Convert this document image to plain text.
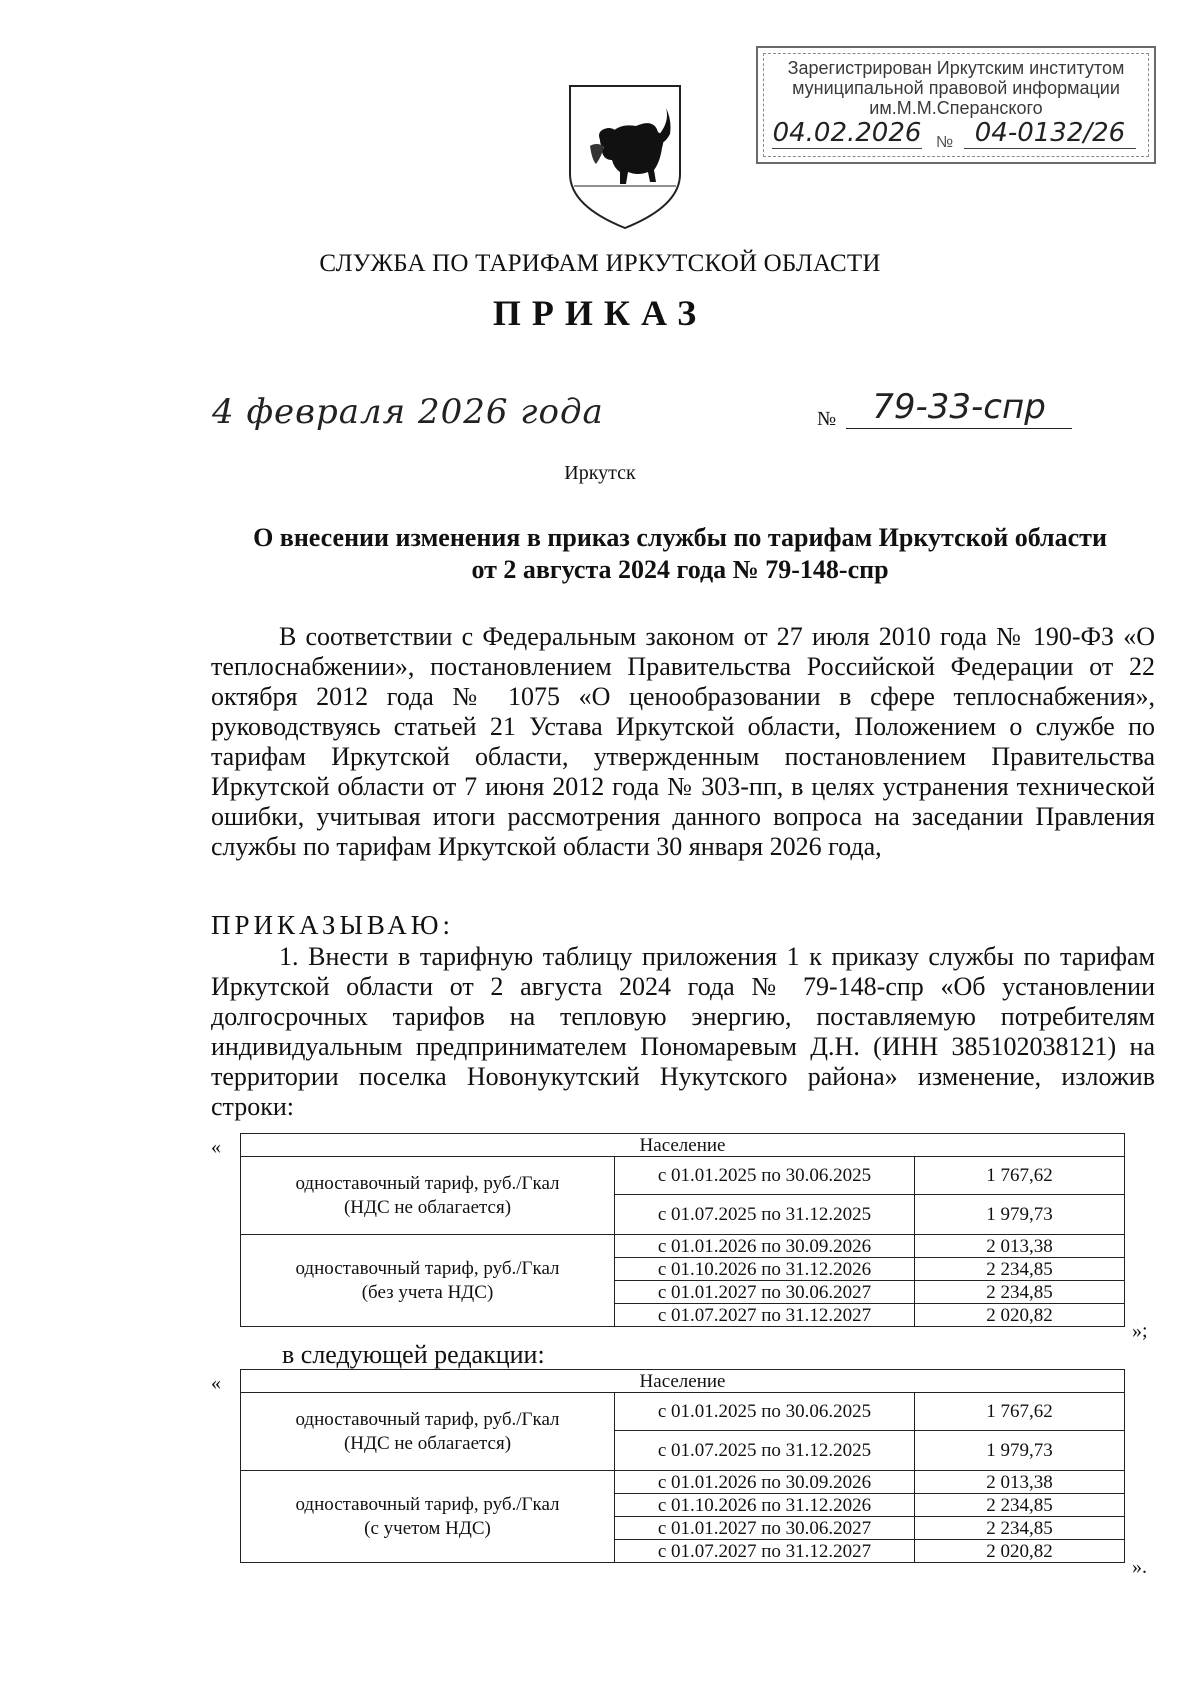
Зарегистрирован Иркутским институтом
муниципальной правовой информации
им.М.М.Сперанского
04.02.2026 № 04-0132/26
СЛУЖБА ПО ТАРИФАМ ИРКУТСКОЙ ОБЛАСТИ
ПРИКАЗ
4 февраля 2026 года	№	79-33-спр
Иркутск
О внесении изменения в приказ службы по тарифам Иркутской области
от 2 августа 2024 года № 79-148-спр
В соответствии с Федеральным законом от 27 июля 2010 года № 190-ФЗ «О теплоснабжении», постановлением Правительства Российской Федерации от 22 октября 2012 года № 1075 «О ценообразовании в сфере теплоснабжения», руководствуясь статьей 21 Устава Иркутской области, Положением о службе по тарифам Иркутской области, утвержденным постановлением Правительства Иркутской области от 7 июня 2012 года № 303-пп, в целях устранения технической ошибки, учитывая итоги рассмотрения данного вопроса на заседании Правления службы по тарифам Иркутской области 30 января 2026 года,
ПРИКАЗЫВАЮ:
1. Внести в тарифную таблицу приложения 1 к приказу службы по тарифам Иркутской области от 2 августа 2024 года № 79-148-спр «Об установлении долгосрочных тарифов на тепловую энергию, поставляемую потребителям индивидуальным предпринимателем Пономаревым Д.Н. (ИНН 385102038121) на территории поселка Новонукутский Нукутского района» изменение, изложив строки:
«	Население		

одноставочный тариф, руб./Гкал
(НДС не облагается)	с 01.01.2025 по 30.06.2025	1 767,62
	с 01.07.2025 по 31.12.2025	1 979,73

одноставочный тариф, руб./Гкал
(без учета НДС)	с 01.01.2026 по 30.09.2026	2 013,38
	с 01.10.2026 по 31.12.2026	2 234,85
	с 01.01.2027 по 30.06.2027	2 234,85
	с 01.07.2027 по 31.12.2027	2 020,82
»;
в следующей редакции:
«	Население		

одноставочный тариф, руб./Гкал
(НДС не облагается)	с 01.01.2025 по 30.06.2025	1 767,62
	с 01.07.2025 по 31.12.2025	1 979,73

одноставочный тариф, руб./Гкал
(с учетом НДС)	с 01.01.2026 по 30.09.2026	2 013,38
	с 01.10.2026 по 31.12.2026	2 234,85
	с 01.01.2027 по 30.06.2027	2 234,85
	с 01.07.2027 по 31.12.2027	2 020,82
».
